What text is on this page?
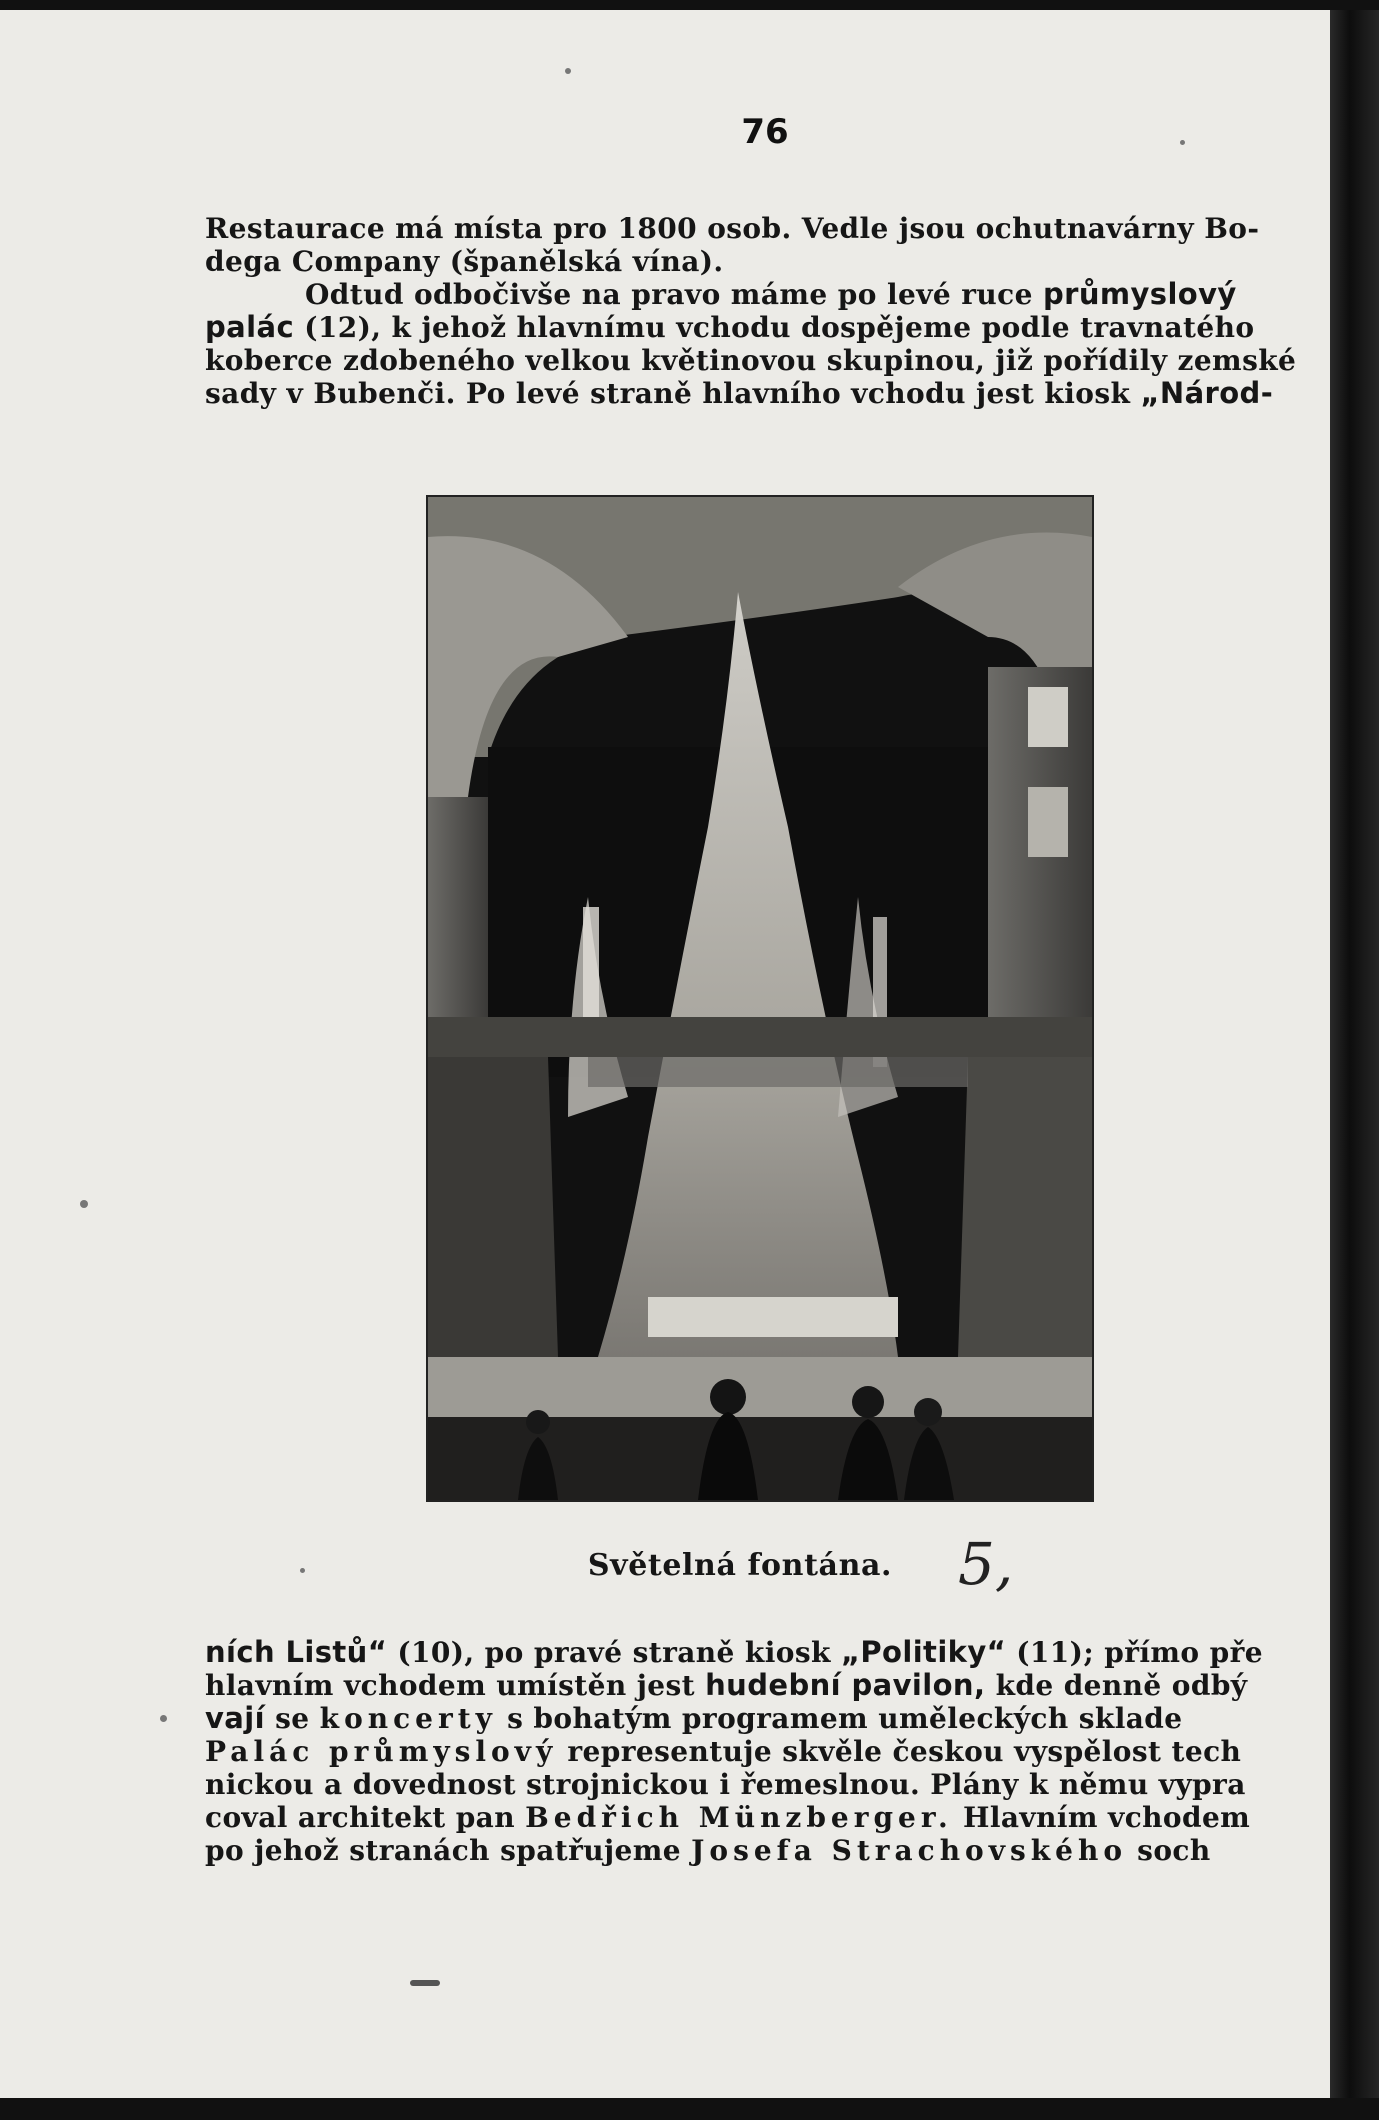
76
Restaurace má místa pro 1800 osob. Vedle jsou ochutnavárny Bo-
dega Company (španělská vína).
Odtud odbočivše na pravo máme po levé ruce průmyslový
palác (12), k jehož hlavnímu vchodu dospějeme podle travnatého
koberce zdobeného velkou květinovou skupinou, již pořídily zemské
sady v Bubenči. Po levé straně hlavního vchodu jest kiosk „Národ-
Světelná fontána.	5,
ních Listů“ (10), po pravé straně kiosk „Politiky“ (11); přímo pře
hlavním vchodem umístěn jest hudební pavilon, kde denně odbý
vají se koncerty s bohatým programem uměleckých sklade
Palác průmyslový representuje skvěle českou vyspělost tech
nickou a dovednost strojnickou i řemeslnou. Plány k němu vypra
coval architekt pan Bedřich Münzberger. Hlavním vchodem
po jehož stranách spatřujeme Josefa Strachovského soch
